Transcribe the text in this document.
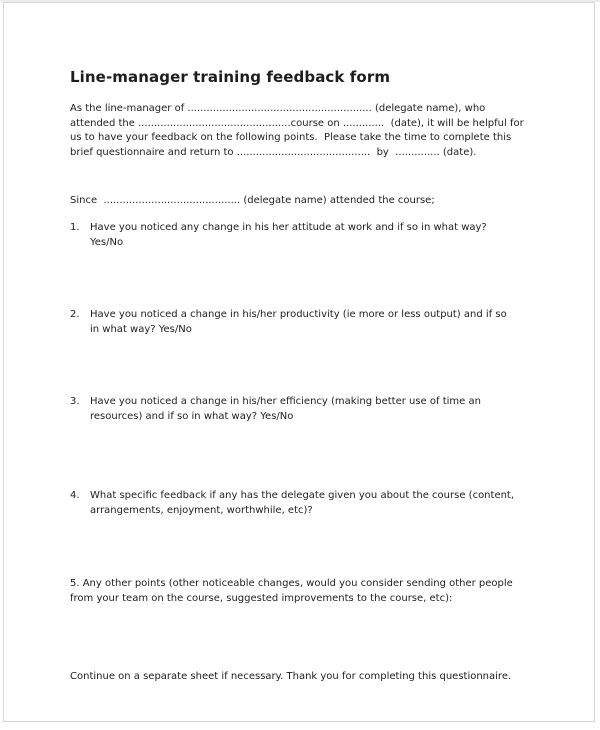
Line-manager training feedback form
As the line-manager of .......................................................... (delegate name), who
attended the ................................................course on .............  (date), it will be helpful for
us to have your feedback on the following points.  Please take the time to complete this
brief questionnaire and return to ..........................................  by  .............. (date).
Since  ........................................... (delegate name) attended the course;
1.	Have you noticed any change in his her attitude at work and if so in what way?
Yes/No
2.	Have you noticed a change in his/her productivity (ie more or less output) and if so
in what way? Yes/No
3.	Have you noticed a change in his/her efficiency (making better use of time an
resources) and if so in what way? Yes/No
4.	What specific feedback if any has the delegate given you about the course (content,
arrangements, enjoyment, worthwhile, etc)?
5. Any other points (other noticeable changes, would you consider sending other people
from your team on the course, suggested improvements to the course, etc):
Continue on a separate sheet if necessary. Thank you for completing this questionnaire.
